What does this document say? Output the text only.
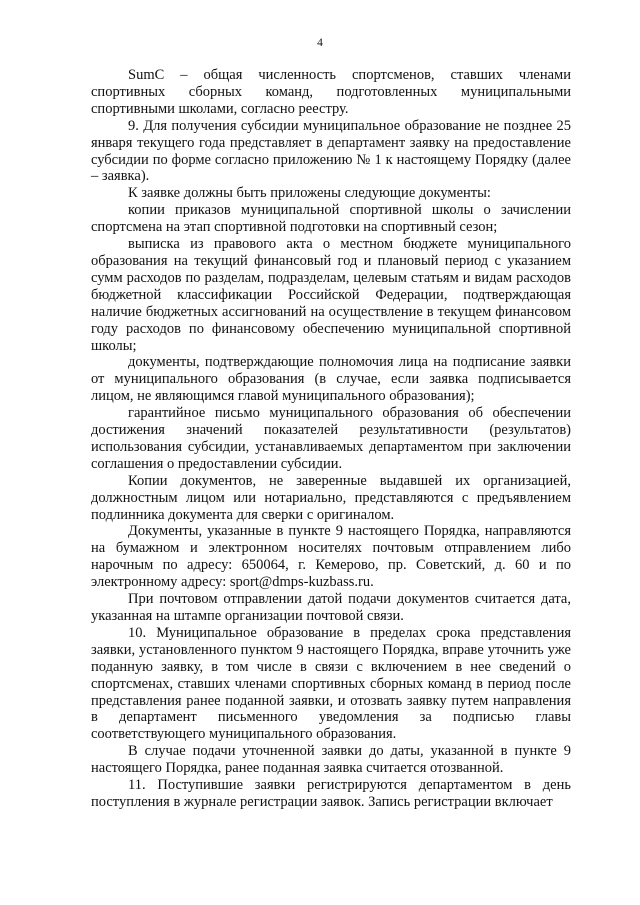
4

SumC – общая численность спортсменов, ставших членами спортивных сборных команд, подготовленных муниципальными спортивными школами, согласно реестру.

9. Для получения субсидии муниципальное образование не позднее 25 января текущего года представляет в департамент заявку на предоставление субсидии по форме согласно приложению № 1 к настоящему Порядку (далее – заявка).

К заявке должны быть приложены следующие документы:

копии приказов муниципальной спортивной школы о зачислении спортсмена на этап спортивной подготовки на спортивный сезон;

выписка из правового акта о местном бюджете муниципального образования на текущий финансовый год и плановый период с указанием сумм расходов по разделам, подразделам, целевым статьям и видам расходов бюджетной классификации Российской Федерации, подтверждающая наличие бюджетных ассигнований на осуществление в текущем финансовом году расходов по финансовому обеспечению муниципальной спортивной школы;

документы, подтверждающие полномочия лица на подписание заявки от муниципального образования (в случае, если заявка подписывается лицом, не являющимся главой муниципального образования);

гарантийное письмо муниципального образования об обеспечении достижения значений показателей результативности (результатов) использования субсидии, устанавливаемых департаментом при заключении соглашения о предоставлении субсидии.

Копии документов, не заверенные выдавшей их организацией, должностным лицом или нотариально, представляются с предъявлением подлинника документа для сверки с оригиналом.

Документы, указанные в пункте 9 настоящего Порядка, направляются на бумажном и электронном носителях почтовым отправлением либо нарочным по адресу: 650064, г. Кемерово, пр. Советский, д. 60 и по электронному адресу: sport@dmps-kuzbass.ru.

При почтовом отправлении датой подачи документов считается дата, указанная на штампе организации почтовой связи.

10. Муниципальное образование в пределах срока представления заявки, установленного пунктом 9 настоящего Порядка, вправе уточнить уже поданную заявку, в том числе в связи с включением в нее сведений о спортсменах, ставших членами спортивных сборных команд в период после представления ранее поданной заявки, и отозвать заявку путем направления в департамент письменного уведомления за подписью главы соответствующего муниципального образования.

В случае подачи уточненной заявки до даты, указанной в пункте 9 настоящего Порядка, ранее поданная заявка считается отозванной.

11. Поступившие заявки регистрируются департаментом в день поступления в журнале регистрации заявок. Запись регистрации включает
